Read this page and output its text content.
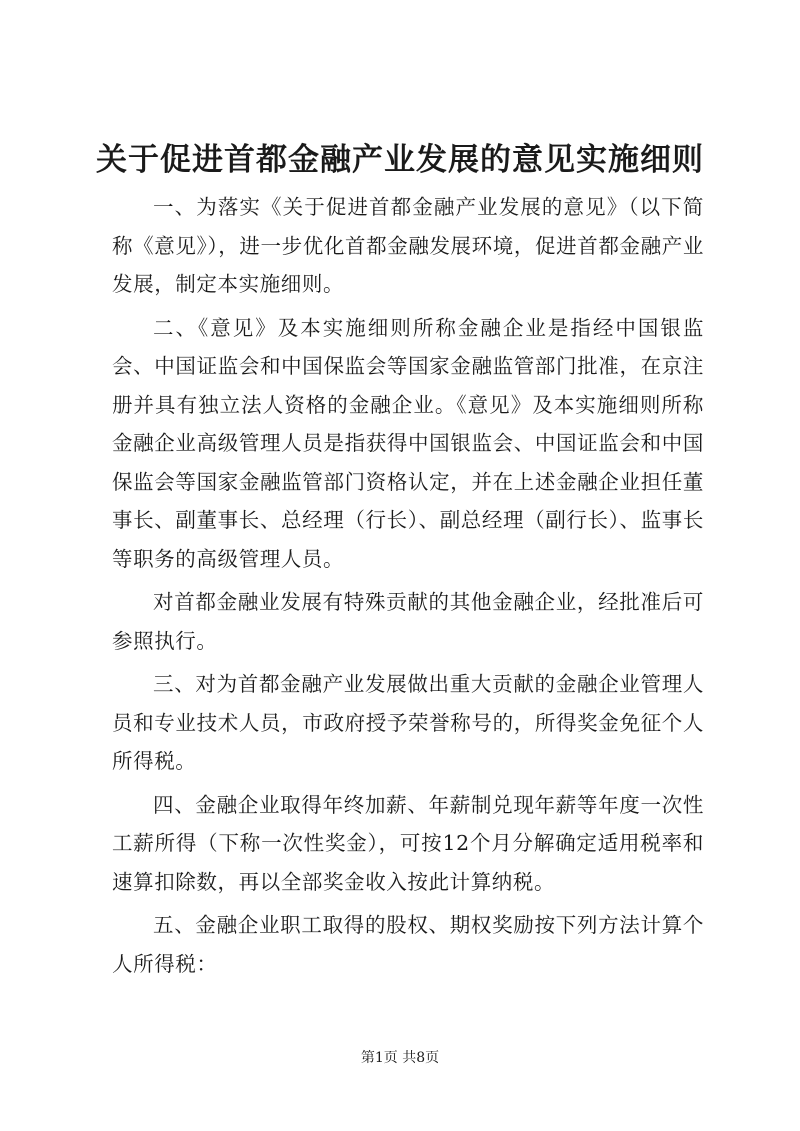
关于促进首都金融产业发展的意见实施细则

一、为落实《关于促进首都金融产业发展的意见》（以下简称《意见》），进一步优化首都金融发展环境，促进首都金融产业发展，制定本实施细则。

二、《意见》及本实施细则所称金融企业是指经中国银监会、中国证监会和中国保监会等国家金融监管部门批准，在京注册并具有独立法人资格的金融企业。《意见》及本实施细则所称金融企业高级管理人员是指获得中国银监会、中国证监会和中国保监会等国家金融监管部门资格认定，并在上述金融企业担任董事长、副董事长、总经理（行长）、副总经理（副行长）、监事长等职务的高级管理人员。

对首都金融业发展有特殊贡献的其他金融企业，经批准后可参照执行。

三、对为首都金融产业发展做出重大贡献的金融企业管理人员和专业技术人员，市政府授予荣誉称号的，所得奖金免征个人所得税。

四、金融企业取得年终加薪、年薪制兑现年薪等年度一次性工薪所得（下称一次性奖金），可按12个月分解确定适用税率和速算扣除数，再以全部奖金收入按此计算纳税。

五、金融企业职工取得的股权、期权奖励按下列方法计算个人所得税：

第1页 共8页
